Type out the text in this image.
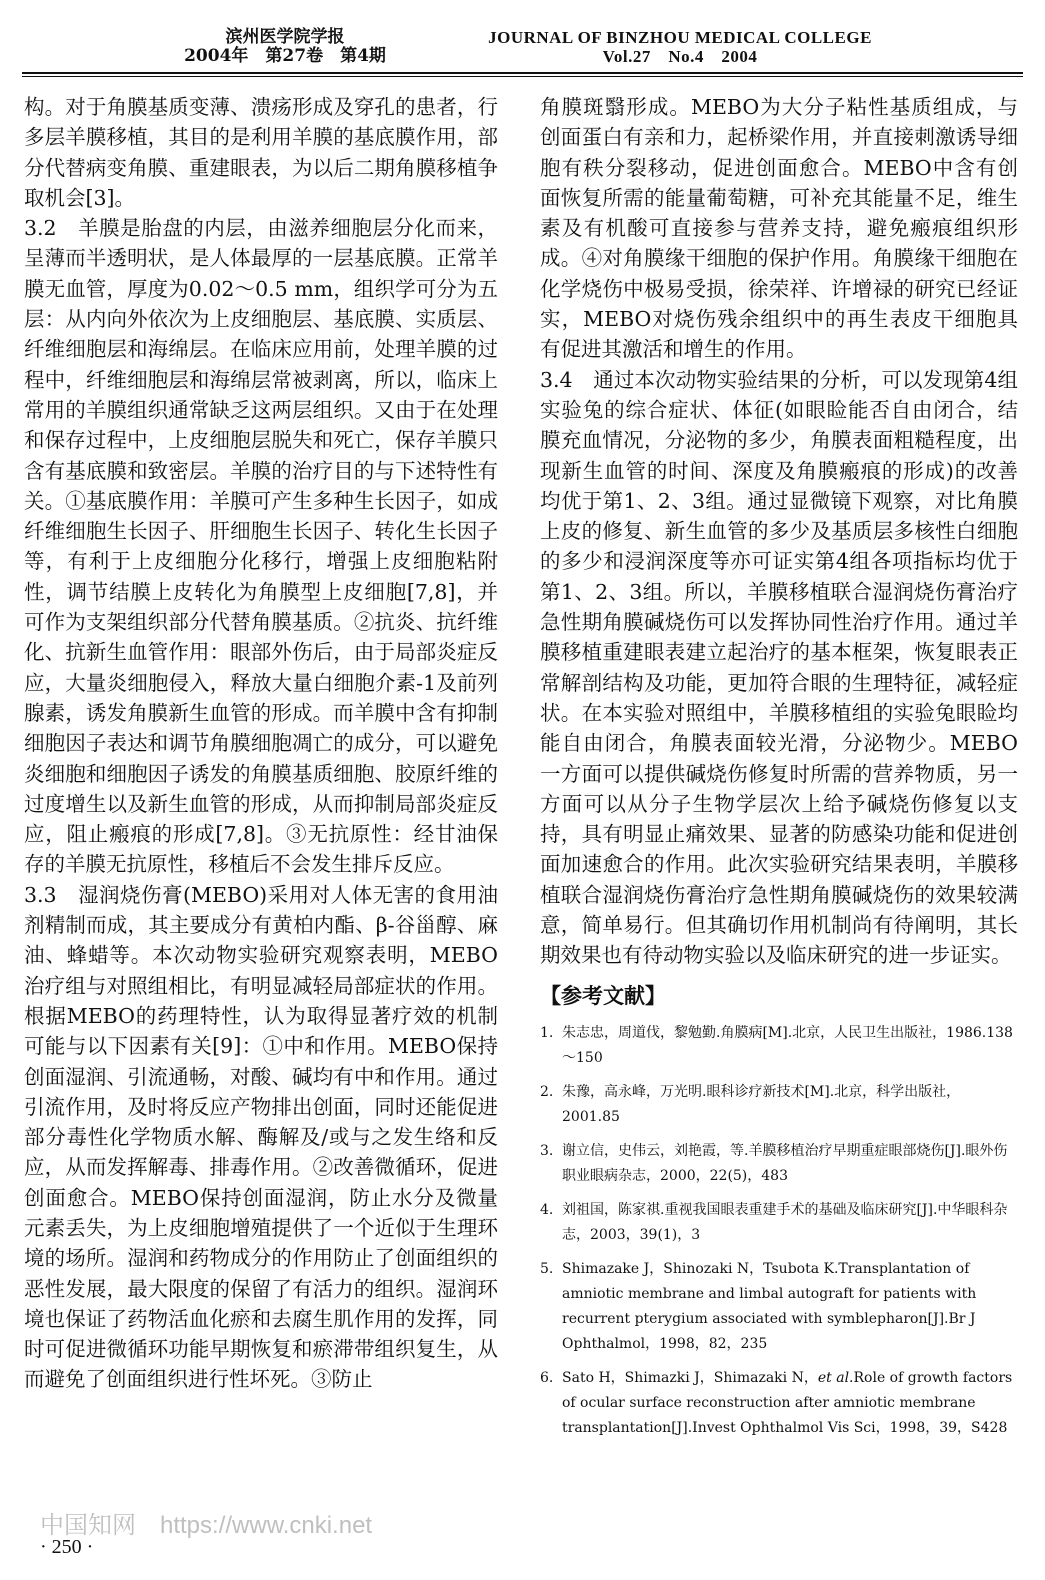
滨州医学院学报
2004年　第27卷　第4期
JOURNAL OF BINZHOU MEDICAL COLLEGE
Vol.27　No.4　2004

构。对于角膜基质变薄、溃疡形成及穿孔的患者，行多层羊膜移植，其目的是利用羊膜的基底膜作用，部分代替病变角膜、重建眼表，为以后二期角膜移植争取机会[3]。

3.2　羊膜是胎盘的内层，由滋养细胞层分化而来，呈薄而半透明状，是人体最厚的一层基底膜。正常羊膜无血管，厚度为0.02～0.5 mm，组织学可分为五层：从内向外依次为上皮细胞层、基底膜、实质层、纤维细胞层和海绵层。在临床应用前，处理羊膜的过程中，纤维细胞层和海绵层常被剥离，所以，临床上常用的羊膜组织通常缺乏这两层组织。又由于在处理和保存过程中，上皮细胞层脱失和死亡，保存羊膜只含有基底膜和致密层。羊膜的治疗目的与下述特性有关。①基底膜作用：羊膜可产生多种生长因子，如成纤维细胞生长因子、肝细胞生长因子、转化生长因子等，有利于上皮细胞分化移行，增强上皮细胞粘附性，调节结膜上皮转化为角膜型上皮细胞[7,8]，并可作为支架组织部分代替角膜基质。②抗炎、抗纤维化、抗新生血管作用：眼部外伤后，由于局部炎症反应，大量炎细胞侵入，释放大量白细胞介素-1及前列腺素，诱发角膜新生血管的形成。而羊膜中含有抑制细胞因子表达和调节角膜细胞凋亡的成分，可以避免炎细胞和细胞因子诱发的角膜基质细胞、胶原纤维的过度增生以及新生血管的形成，从而抑制局部炎症反应，阻止瘢痕的形成[7,8]。③无抗原性：经甘油保存的羊膜无抗原性，移植后不会发生排斥反应。

3.3　湿润烧伤膏(MEBO)采用对人体无害的食用油剂精制而成，其主要成分有黄柏内酯、β-谷甾醇、麻油、蜂蜡等。本次动物实验研究观察表明，MEBO治疗组与对照组相比，有明显减轻局部症状的作用。根据MEBO的药理特性，认为取得显著疗效的机制可能与以下因素有关[9]：①中和作用。MEBO保持创面湿润、引流通畅，对酸、碱均有中和作用。通过引流作用，及时将反应产物排出创面，同时还能促进部分毒性化学物质水解、酶解及/或与之发生络和反应，从而发挥解毒、排毒作用。②改善微循环，促进创面愈合。MEBO保持创面湿润，防止水分及微量元素丢失，为上皮细胞增殖提供了一个近似于生理环境的场所。湿润和药物成分的作用防止了创面组织的恶性发展，最大限度的保留了有活力的组织。湿润环境也保证了药物活血化瘀和去腐生肌作用的发挥，同时可促进微循环功能早期恢复和瘀滞带组织复生，从而避免了创面组织进行性坏死。③防止

角膜斑翳形成。MEBO为大分子粘性基质组成，与创面蛋白有亲和力，起桥梁作用，并直接刺激诱导细胞有秩分裂移动，促进创面愈合。MEBO中含有创面恢复所需的能量葡萄糖，可补充其能量不足，维生素及有机酸可直接参与营养支持，避免瘢痕组织形成。④对角膜缘干细胞的保护作用。角膜缘干细胞在化学烧伤中极易受损，徐荣祥、许增禄的研究已经证实，MEBO对烧伤残余组织中的再生表皮干细胞具有促进其激活和增生的作用。

3.4　通过本次动物实验结果的分析，可以发现第4组实验兔的综合症状、体征(如眼睑能否自由闭合，结膜充血情况，分泌物的多少，角膜表面粗糙程度，出现新生血管的时间、深度及角膜瘢痕的形成)的改善均优于第1、2、3组。通过显微镜下观察，对比角膜上皮的修复、新生血管的多少及基质层多核性白细胞的多少和浸润深度等亦可证实第4组各项指标均优于第1、2、3组。所以，羊膜移植联合湿润烧伤膏治疗急性期角膜碱烧伤可以发挥协同性治疗作用。通过羊膜移植重建眼表建立起治疗的基本框架，恢复眼表正常解剖结构及功能，更加符合眼的生理特征，减轻症状。在本实验对照组中，羊膜移植组的实验兔眼睑均能自由闭合，角膜表面较光滑，分泌物少。MEBO一方面可以提供碱烧伤修复时所需的营养物质，另一方面可以从分子生物学层次上给予碱烧伤修复以支持，具有明显止痛效果、显著的防感染功能和促进创面加速愈合的作用。此次实验研究结果表明，羊膜移植联合湿润烧伤膏治疗急性期角膜碱烧伤的效果较满意，简单易行。但其确切作用机制尚有待阐明，其长期效果也有待动物实验以及临床研究的进一步证实。

【参考文献】
1. 朱志忠，周道伐，黎勉勤.角膜病[M].北京，人民卫生出版社，1986.138～150
2. 朱豫，高永峰，万光明.眼科诊疗新技术[M].北京，科学出版社，2001.85
3. 谢立信，史伟云，刘艳霞，等.羊膜移植治疗早期重症眼部烧伤[J].眼外伤职业眼病杂志，2000，22(5)，483
4. 刘祖国，陈家祺.重视我国眼表重建手术的基础及临床研究[J].中华眼科杂志，2003，39(1)，3
5. Shimazake J，Shinozaki N，Tsubota K.Transplantation of amniotic membrane and limbal autograft for patients with recurrent pterygium associated with symblepharon[J].Br J Ophthalmol，1998，82，235
6. Sato H，Shimazki J，Shimazaki N，et al.Role of growth factors of ocular surface reconstruction after amniotic membrane transplantation[J].Invest Ophthalmol Vis Sci，1998，39，S428
中国知网　https://www.cnki.net
· 250 ·
